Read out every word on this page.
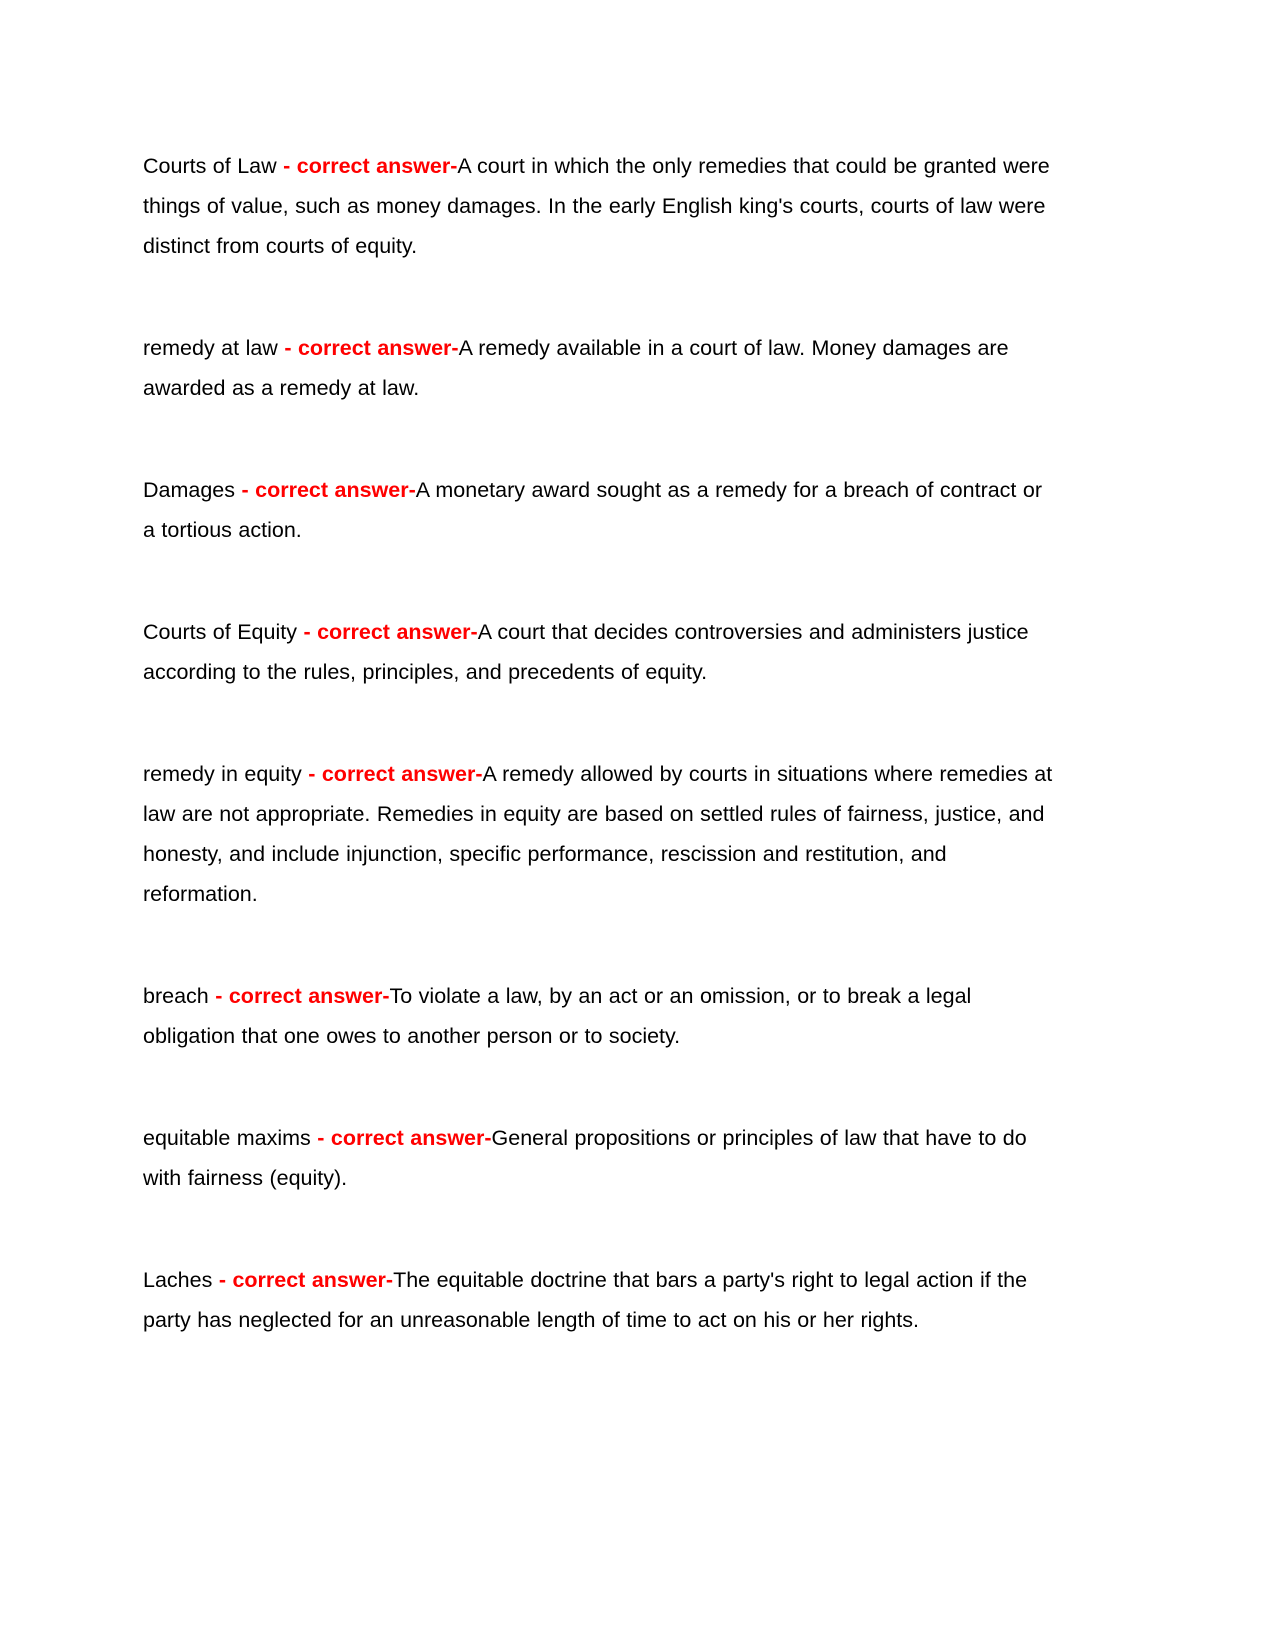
Courts of Law - correct answer-A court in which the only remedies that could be granted were things of value, such as money damages. In the early English king's courts, courts of law were distinct from courts of equity.

remedy at law - correct answer-A remedy available in a court of law. Money damages are awarded as a remedy at law.

Damages - correct answer-A monetary award sought as a remedy for a breach of contract or a tortious action.

Courts of Equity - correct answer-A court that decides controversies and administers justice according to the rules, principles, and precedents of equity.

remedy in equity - correct answer-A remedy allowed by courts in situations where remedies at law are not appropriate. Remedies in equity are based on settled rules of fairness, justice, and honesty, and include injunction, specific performance, rescission and restitution, and reformation.

breach - correct answer-To violate a law, by an act or an omission, or to break a legal obligation that one owes to another person or to society.

equitable maxims - correct answer-General propositions or principles of law that have to do with fairness (equity).

Laches - correct answer-The equitable doctrine that bars a party's right to legal action if the party has neglected for an unreasonable length of time to act on his or her rights.
